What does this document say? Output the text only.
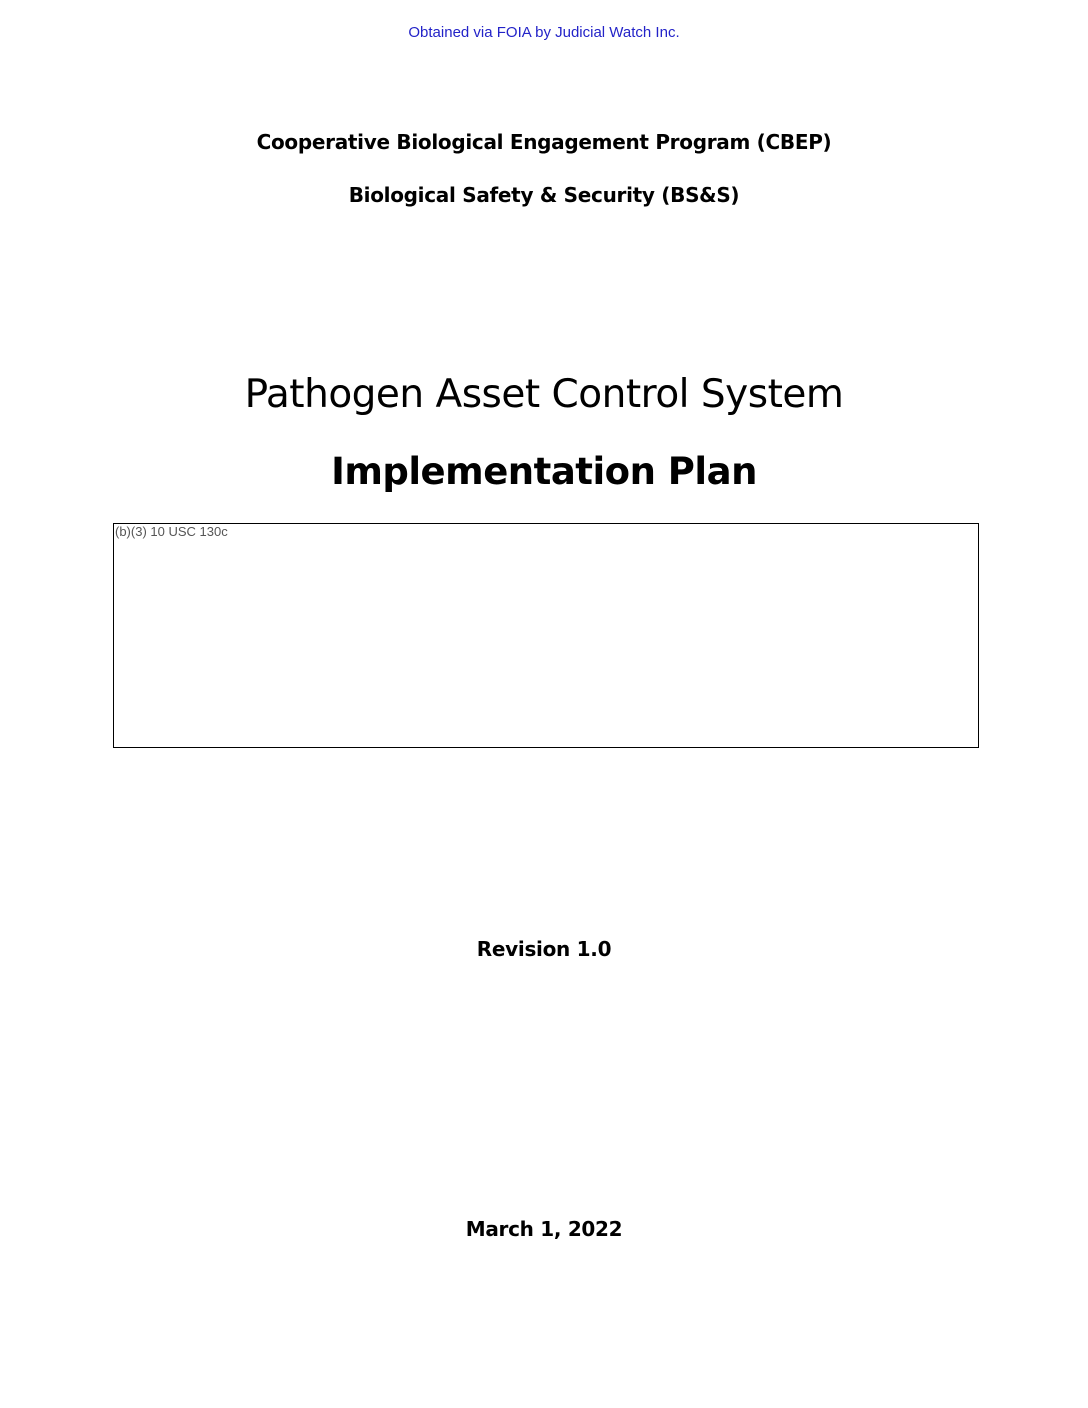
Obtained via FOIA by Judicial Watch Inc.
Cooperative Biological Engagement Program (CBEP)
Biological Safety & Security (BS&S)
Pathogen Asset Control System
Implementation Plan
(b)(3) 10 USC 130c
Revision 1.0
March 1, 2022
